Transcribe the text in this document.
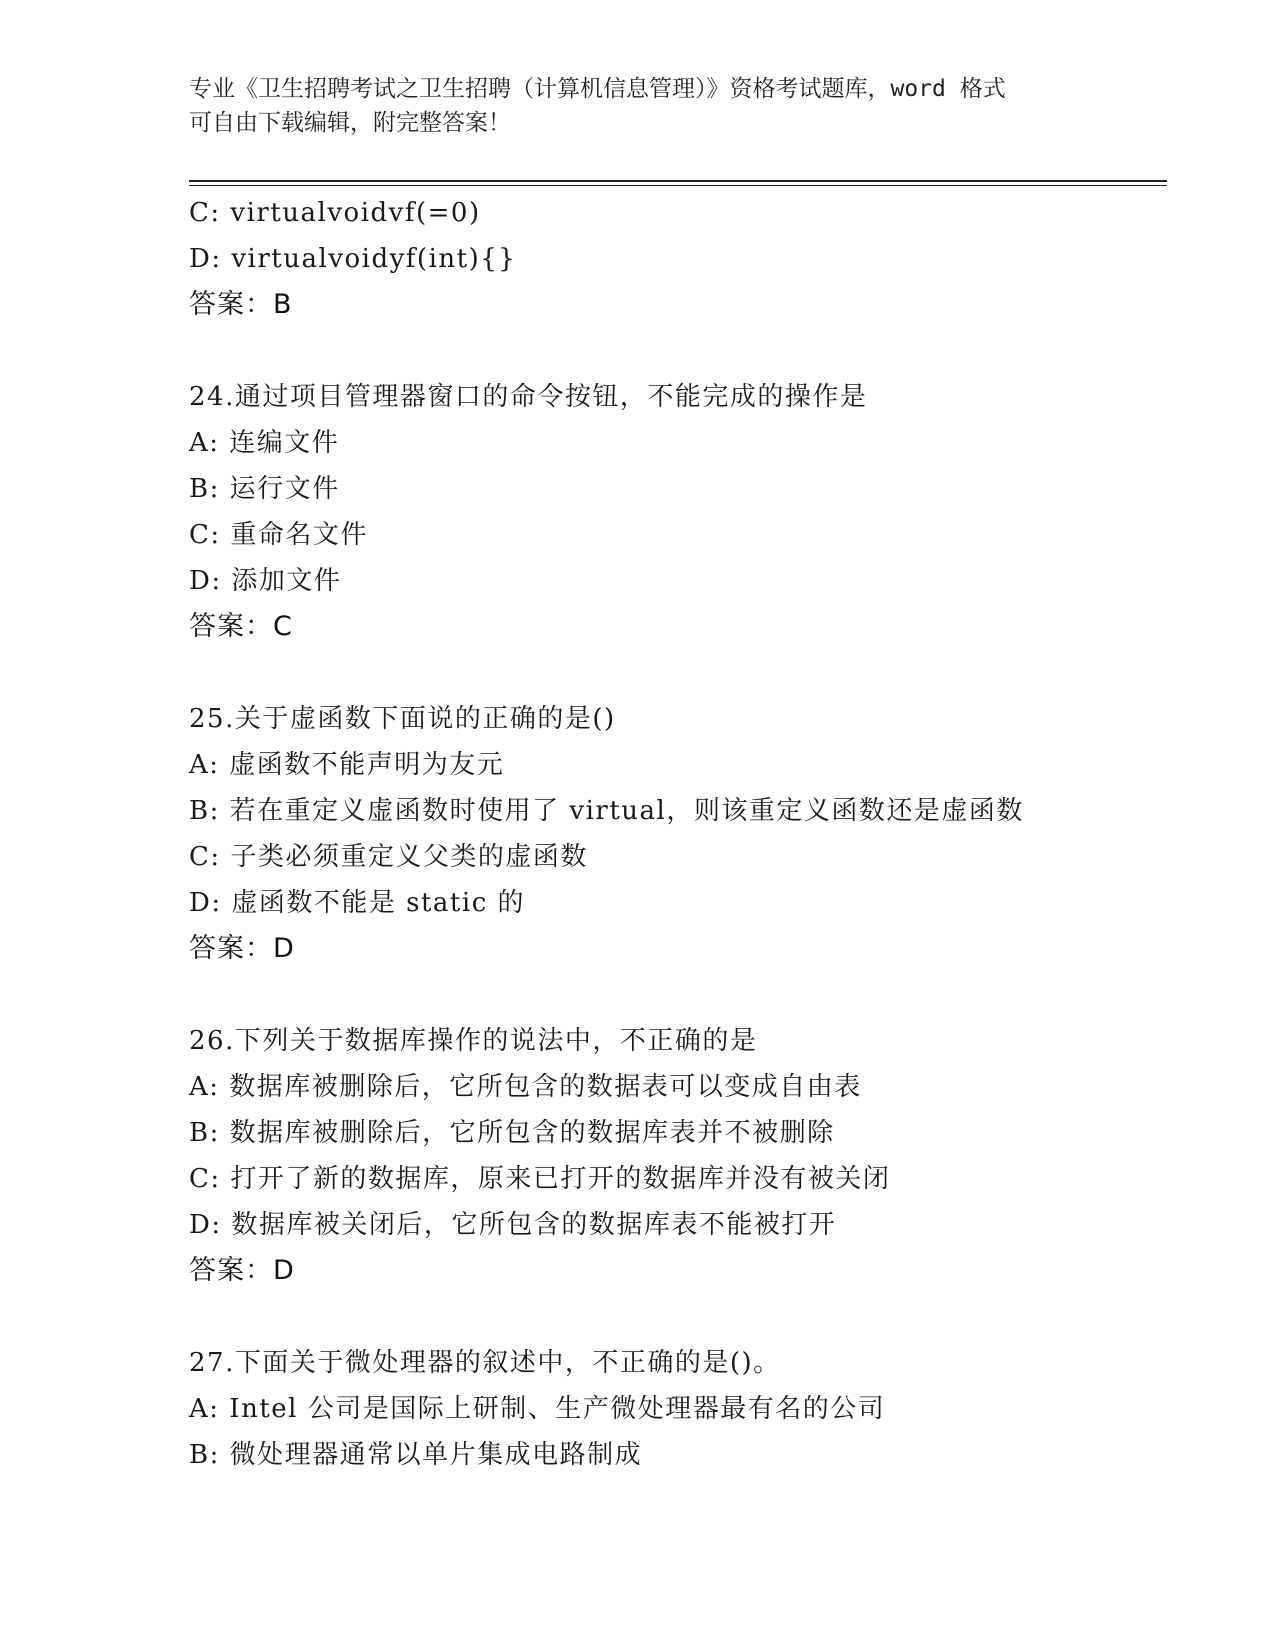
专业《卫生招聘考试之卫生招聘（计算机信息管理）》资格考试题库，word 格式
可自由下载编辑，附完整答案！
C: virtualvoidvf(=0)
D: virtualvoidyf(int){}
答案：B
24.通过项目管理器窗口的命令按钮，不能完成的操作是
A: 连编文件
B: 运行文件
C: 重命名文件
D: 添加文件
答案：C
25.关于虚函数下面说的正确的是()
A: 虚函数不能声明为友元
B: 若在重定义虚函数时使用了 virtual，则该重定义函数还是虚函数
C: 子类必须重定义父类的虚函数
D: 虚函数不能是 static 的
答案：D
26.下列关于数据库操作的说法中，不正确的是
A: 数据库被删除后，它所包含的数据表可以变成自由表
B: 数据库被删除后，它所包含的数据库表并不被删除
C: 打开了新的数据库，原来已打开的数据库并没有被关闭
D: 数据库被关闭后，它所包含的数据库表不能被打开
答案：D
27.下面关于微处理器的叙述中，不正确的是()。
A: Intel 公司是国际上研制、生产微处理器最有名的公司
B: 微处理器通常以单片集成电路制成
